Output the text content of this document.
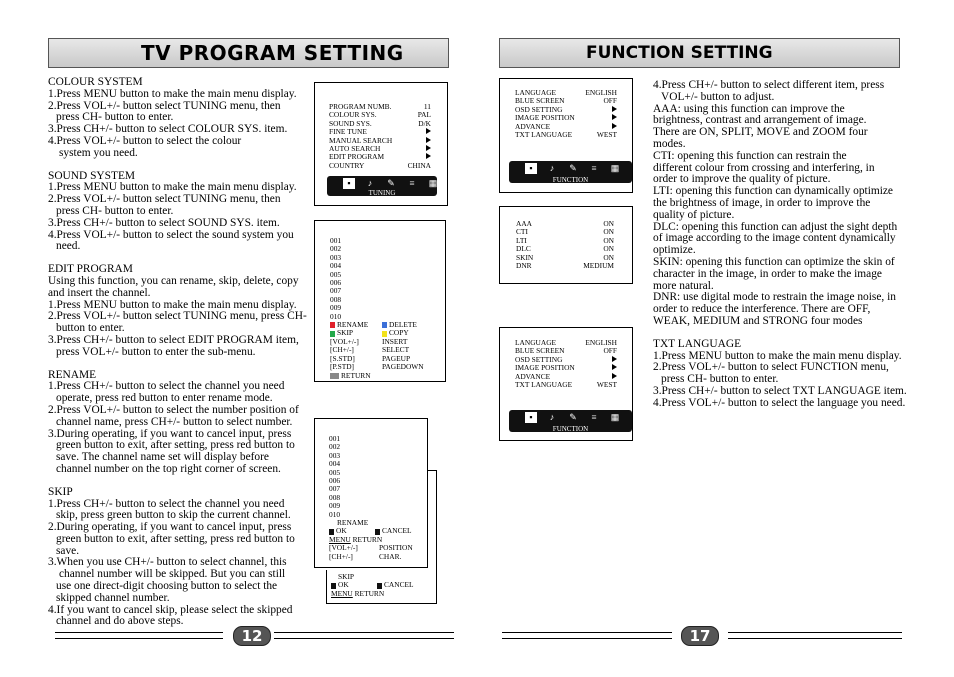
TV PROGRAM SETTING	FUNCTION SETTING

COLOUR SYSTEM

1.Press MENU button to make the main menu display.

2.Press VOL+/- button select TUNING menu, then

press CH- button to enter.

3.Press CH+/- button to select COLOUR SYS. item.

4.Press VOL+/- button to select the colour

system you need.

SOUND SYSTEM

1.Press MENU button to make the main menu display.

2.Press VOL+/- button select TUNING menu, then

press CH- button to enter.

3.Press CH+/- button to select SOUND SYS. item.

4.Press VOL+/- button to select the sound system you

need.

EDIT PROGRAM

Using this function, you can rename, skip, delete, copy

and insert the channel.

1.Press MENU button to make the main menu display.

2.Press VOL+/- button select TUNING menu, press CH-

button to enter.

3.Press CH+/- button to select EDIT PROGRAM item,

press VOL+/- button to enter the sub-menu.

RENAME

1.Press CH+/- button to select the channel you need

operate, press red button to enter rename mode.

2.Press VOL+/- button to select the number position of

channel name, press CH+/- button to select number.

3.During operating, if you want to cancel input, press

green button to exit, after setting, press red button to

save. The channel name set will display before

channel number on the top right corner of screen.

SKIP

1.Press CH+/- button to select the channel you need

skip, press green button to skip the current channel.

2.During operating, if you want to cancel input, press

green button to exit, after setting, press red button to

save.

3.When you use CH+/- button to select channel, this

channel number will be skipped. But you can still

use one direct-digit choosing button to select the

skipped channel number.

4.If you want to cancel skip, please select the skipped

channel and do above steps.

PROGRAM NUMB.	11
COLOUR SYS.	PAL
SOUND SYS.	D/K
FINE TUNE
MANUAL SEARCH
AUTO SEARCH
EDIT PROGRAM
COUNTRY	CHINA
▪	♪	✎	≡	▦
TUNING
001
002
003
004
005
006
007
008
009
010
RENAME	DELETE
SKIP	COPY
[VOL+/-]	INSERT
[CH+/-]	SELECT
[S.STD]	PAGEUP
[P.STD]	PAGEDOWN
RETURN
001
002
003
004
005
006
007
008
009
010
RENAME
OK	CANCEL
MENU RETURN
[VOL+/-]	POSITION
[CH+/-]	CHAR.
SKIP
OK	CANCEL
MENU RETURN
LANGUAGE	ENGLISH
BLUE SCREEN	OFF
OSD SETTING
IMAGE POSITION
ADVANCE
TXT LANGUAGE	WEST
▪	♪	✎	≡	▦
FUNCTION
AAA	ON
CTI	ON
LTI	ON
DLC	ON
SKIN	ON
DNR	MEDIUM
LANGUAGE	ENGLISH
BLUE SCREEN	OFF
OSD SETTING
IMAGE POSITION
ADVANCE
TXT LANGUAGE	WEST
▪	♪	✎	≡	▦
FUNCTION

4.Press CH+/- button to select different item, press

VOL+/- button to adjust.

AAA: using this function can improve the

brightness, contrast and arrangement of image.

There are ON, SPLIT, MOVE and ZOOM four

modes.

CTI: opening this function can restrain the

different colour from crossing and interfering, in

order to improve the quality of picture.

LTI: opening this function can dynamically optimize

the brightness of image, in order to improve the

quality of picture.

DLC: opening this function can adjust the sight depth

of image according to the image content dynamically

optimize.

SKIN: opening this function can optimize the skin of

character in the image, in order to make the image

more natural.

DNR: use digital mode to restrain the image noise, in

order to reduce the interference. There are OFF,

WEAK, MEDIUM and STRONG four modes

TXT LANGUAGE

1.Press MENU button to make the main menu display.

2.Press VOL+/- button to select FUNCTION menu,

press CH- button to enter.

3.Press CH+/- button to select TXT LANGUAGE item.

4.Press VOL+/- button to select the language you need.

12	17
